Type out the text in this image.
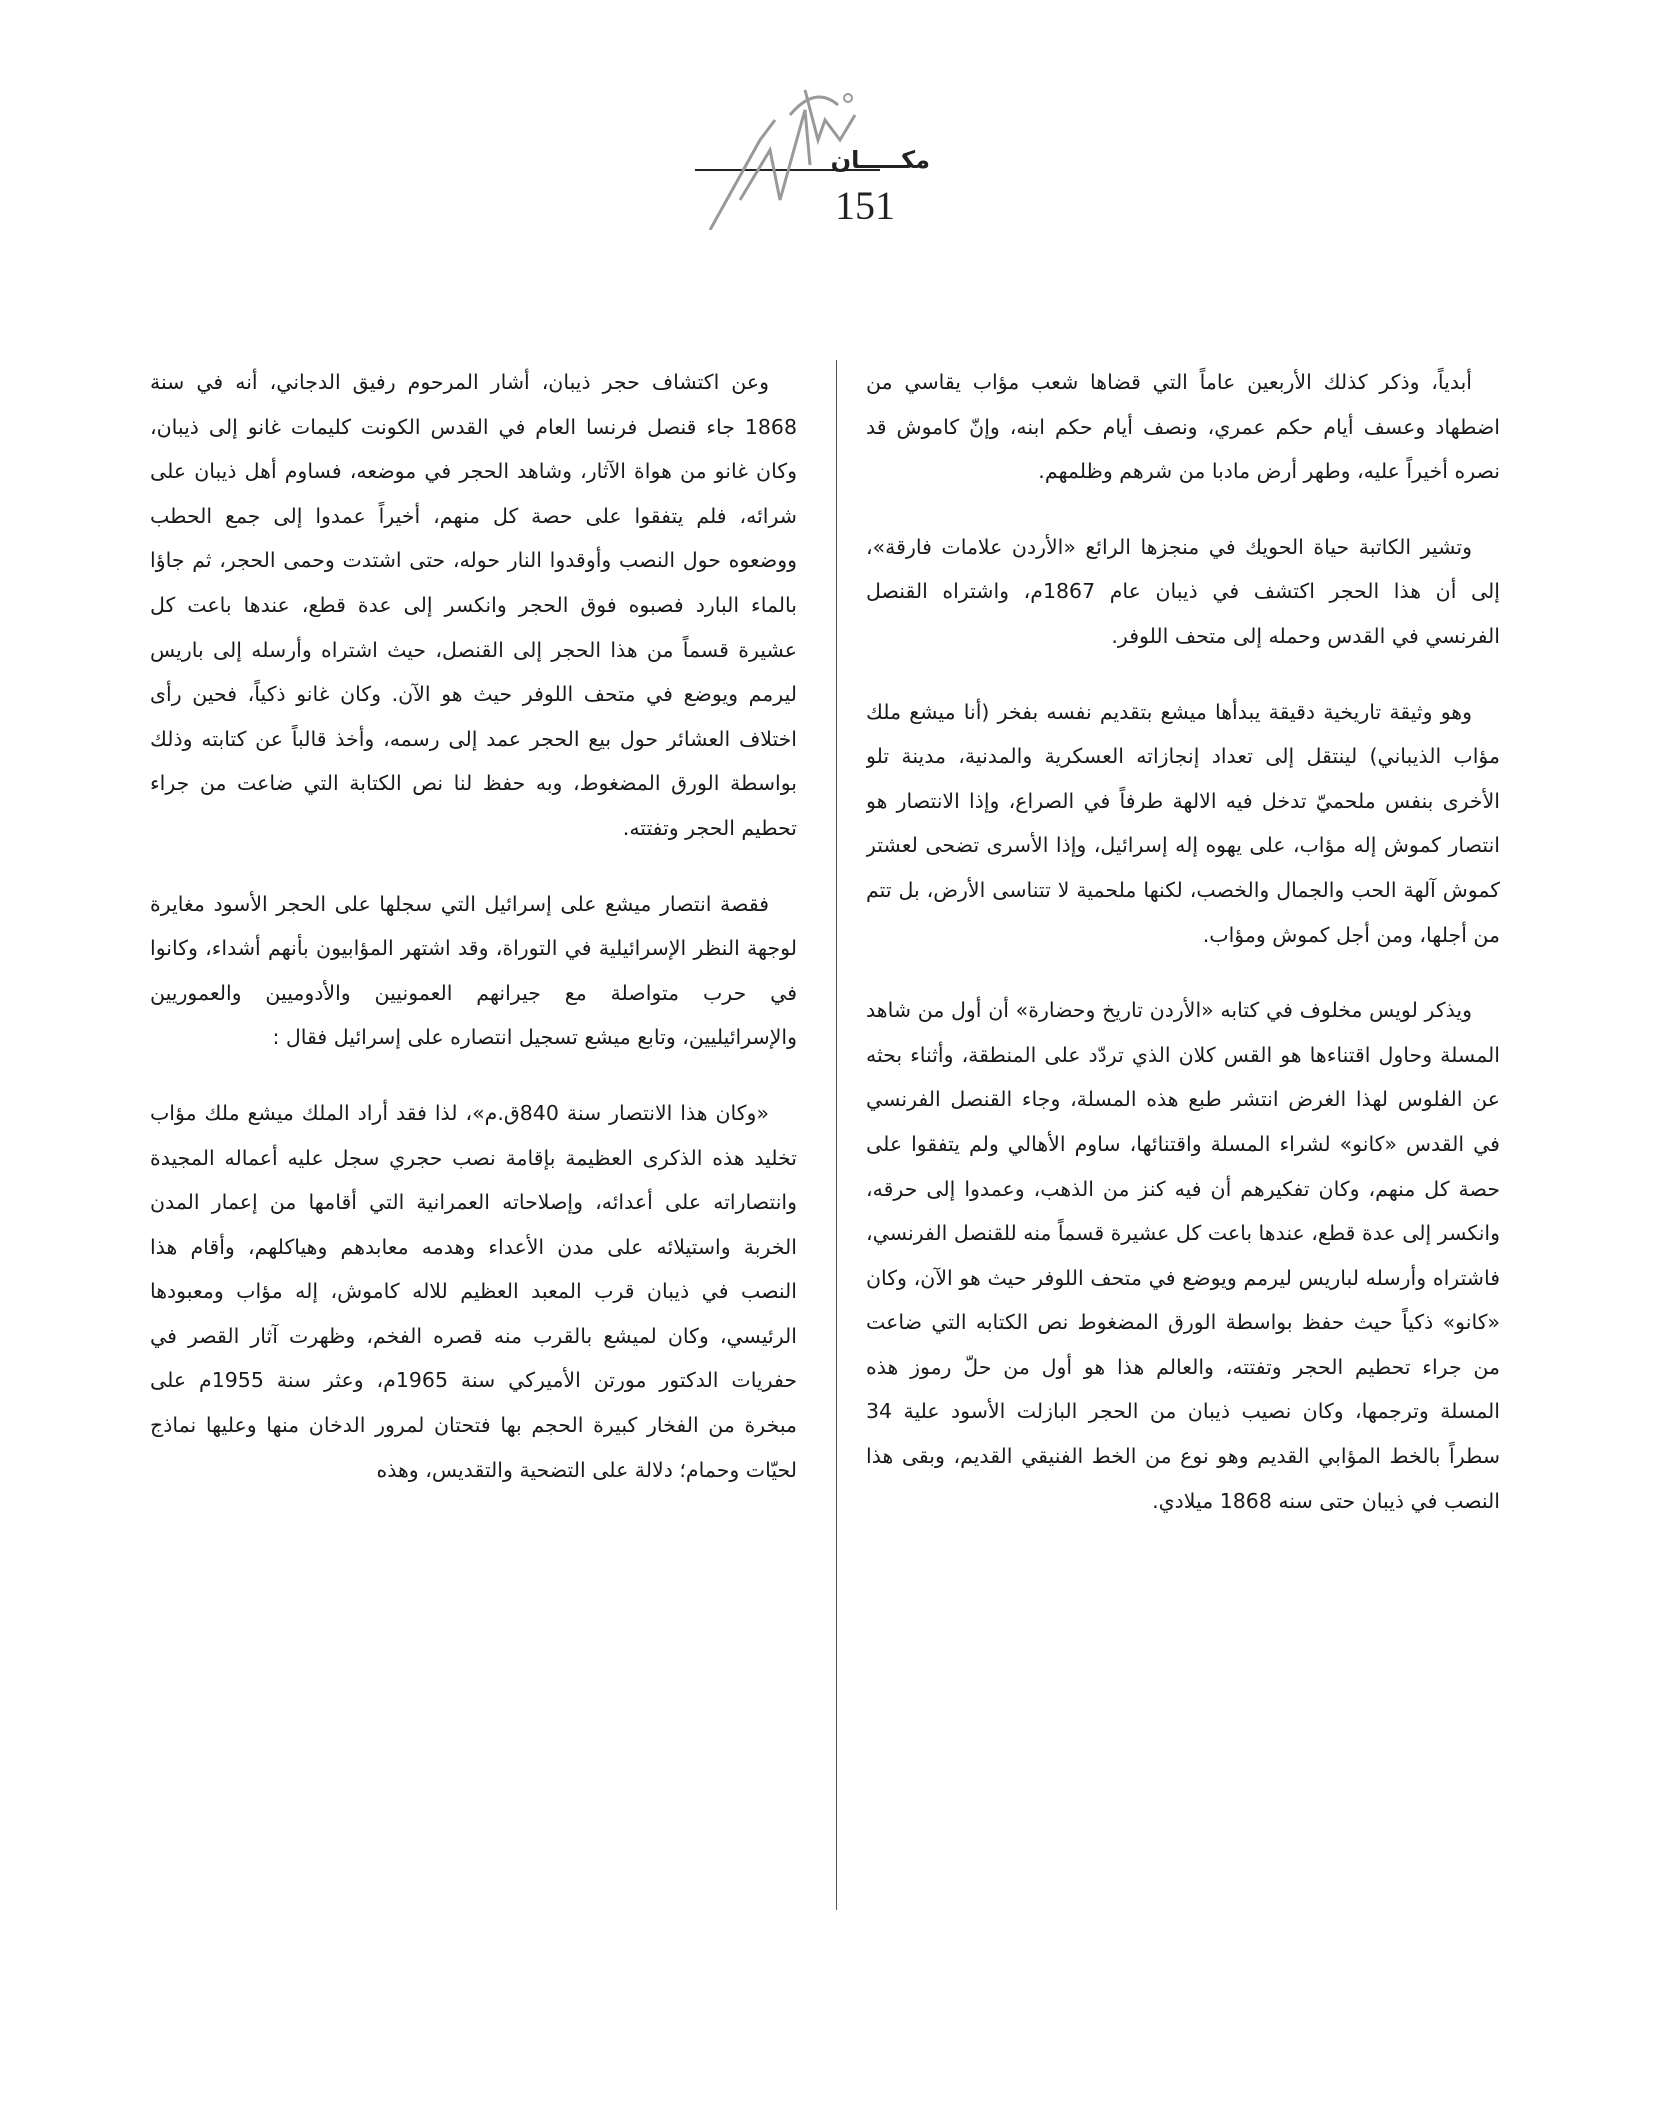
مكـــــان
151

أبدياً، وذكر كذلك الأربعين عاماً التي قضاها شعب مؤاب يقاسي من اضطهاد وعسف أيام حكم عمري، ونصف أيام حكم ابنه، وإنّ كاموش قد نصره أخيراً عليه، وطهر أرض مادبا من شرهم وظلمهم.

وتشير الكاتبة حياة الحويك في منجزها الرائع «الأردن علامات فارقة»، إلى أن هذا الحجر اكتشف في ذيبان عام 1867م، واشتراه القنصل الفرنسي في القدس وحمله إلى متحف اللوفر.

وهو وثيقة تاريخية دقيقة يبدأها ميشع بتقديم نفسه بفخر (أنا ميشع ملك مؤاب الذيباني) لينتقل إلى تعداد إنجازاته العسكرية والمدنية، مدينة تلو الأخرى بنفس ملحميّ تدخل فيه الالهة طرفاً في الصراع، وإذا الانتصار هو انتصار كموش إله مؤاب، على يهوه إله إسرائيل، وإذا الأسرى تضحى لعشتر كموش آلهة الحب والجمال والخصب، لكنها ملحمية لا تتناسى الأرض، بل تتم من أجلها، ومن أجل كموش ومؤاب.

ويذكر لويس مخلوف في كتابه «الأردن تاريخ وحضارة» أن أول من شاهد المسلة وحاول اقتناءها هو القس كلان الذي تردّد على المنطقة، وأثناء بحثه عن الفلوس لهذا الغرض انتشر طبع هذه المسلة، وجاء القنصل الفرنسي في القدس «كانو» لشراء المسلة واقتنائها، ساوم الأهالي ولم يتفقوا على حصة كل منهم، وكان تفكيرهم أن فيه كنز من الذهب، وعمدوا إلى حرقه، وانكسر إلى عدة قطع، عندها باعت كل عشيرة قسماً منه للقنصل الفرنسي، فاشتراه وأرسله لباريس ليرمم ويوضع في متحف اللوفر حيث هو الآن، وكان «كانو» ذكياً حيث حفظ بواسطة الورق المضغوط نص الكتابه التي ضاعت من جراء تحطيم الحجر وتفتته، والعالم هذا هو أول من حلّ رموز هذه المسلة وترجمها، وكان نصيب ذيبان من الحجر البازلت الأسود علية 34 سطراً بالخط المؤابي القديم وهو نوع من الخط الفنيقي القديم، وبقى هذا النصب في ذيبان حتى سنه 1868 ميلادي.

وعن اكتشاف حجر ذيبان، أشار المرحوم رفيق الدجاني، أنه في سنة 1868 جاء قنصل فرنسا العام في القدس الكونت كليمات غانو إلى ذيبان، وكان غانو من هواة الآثار، وشاهد الحجر في موضعه، فساوم أهل ذيبان على شرائه، فلم يتفقوا على حصة كل منهم، أخيراً عمدوا إلى جمع الحطب ووضعوه حول النصب وأوقدوا النار حوله، حتى اشتدت وحمى الحجر، ثم جاؤا بالماء البارد فصبوه فوق الحجر وانكسر إلى عدة قطع، عندها باعت كل عشيرة قسماً من هذا الحجر إلى القنصل، حيث اشتراه وأرسله إلى باريس ليرمم ويوضع في متحف اللوفر حيث هو الآن. وكان غانو ذكياً، فحين رأى اختلاف العشائر حول بيع الحجر عمد إلى رسمه، وأخذ قالباً عن كتابته وذلك بواسطة الورق المضغوط، وبه حفظ لنا نص الكتابة التي ضاعت من جراء تحطيم الحجر وتفتته.

فقصة انتصار ميشع على إسرائيل التي سجلها على الحجر الأسود مغايرة لوجهة النظر الإسرائيلية في التوراة، وقد اشتهر المؤابيون بأنهم أشداء، وكانوا في حرب متواصلة مع جيرانهم العمونيين والأدوميين والعموريين والإسرائيليين، وتابع ميشع تسجيل انتصاره على إسرائيل فقال :

«وكان هذا الانتصار سنة 840ق.م»، لذا فقد أراد الملك ميشع ملك مؤاب تخليد هذه الذكرى العظيمة بإقامة نصب حجري سجل عليه أعماله المجيدة وانتصاراته على أعدائه، وإصلاحاته العمرانية التي أقامها من إعمار المدن الخربة واستيلائه على مدن الأعداء وهدمه معابدهم وهياكلهم، وأقام هذا النصب في ذيبان قرب المعبد العظيم للاله كاموش، إله مؤاب ومعبودها الرئيسي، وكان لميشع بالقرب منه قصره الفخم، وظهرت آثار القصر في حفريات الدكتور مورتن الأميركي سنة 1965م، وعثر سنة 1955م على مبخرة من الفخار كبيرة الحجم بها فتحتان لمرور الدخان منها وعليها نماذج لحيّات وحمام؛ دلالة على التضحية والتقديس، وهذه
